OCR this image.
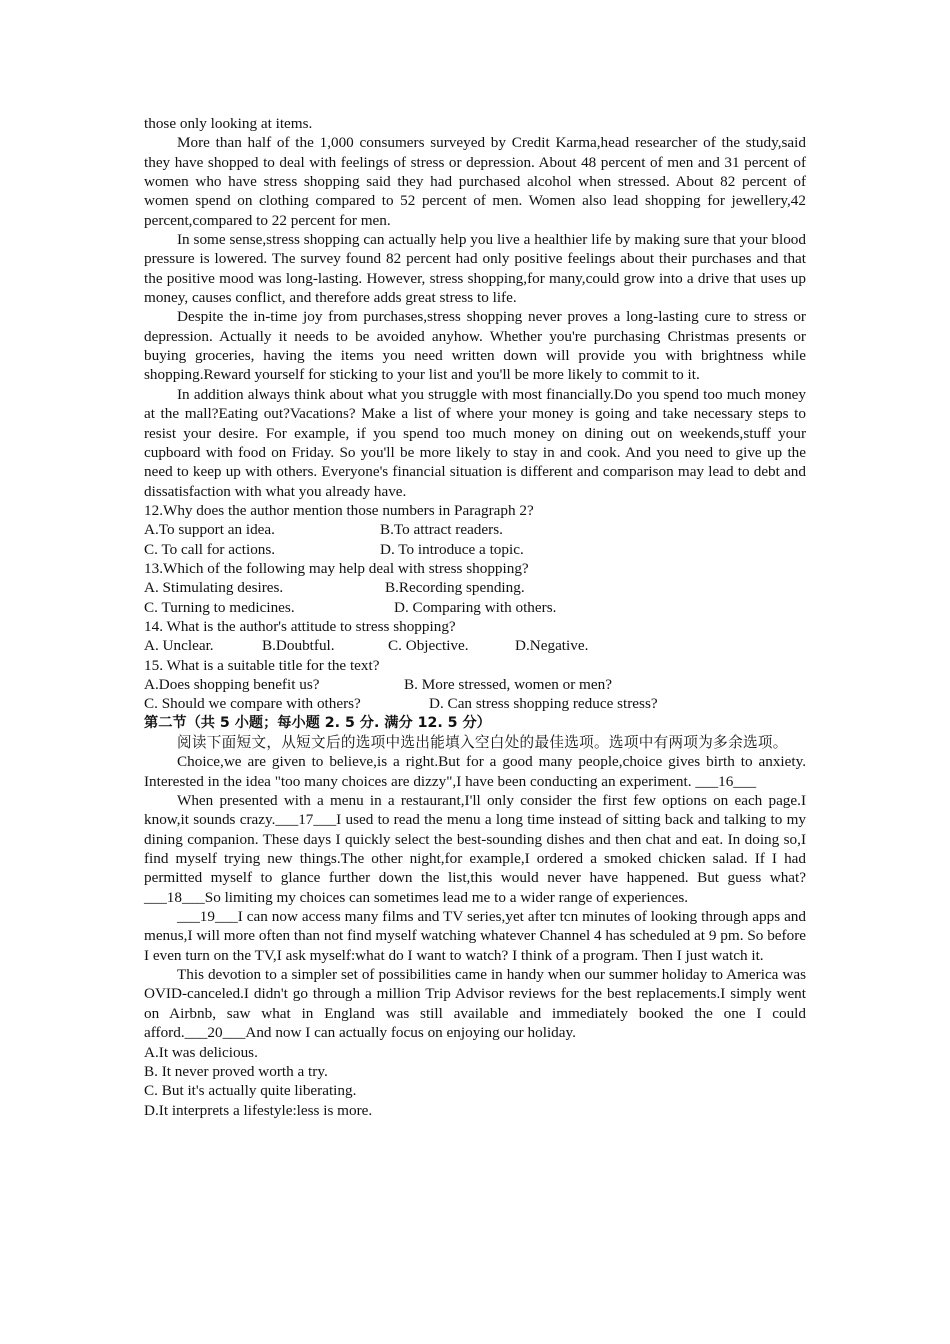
those only looking at items.

More than half of the 1,000 consumers surveyed by Credit Karma,head researcher of the study,said they have shopped to deal with feelings of stress or depression. About 48 percent of men and 31 percent of women who have stress shopping said they had purchased alcohol when stressed. About 82 percent of women spend on clothing compared to 52 percent of men. Women also lead shopping for jewellery,42 percent,compared to 22 percent for men.

In some sense,stress shopping can actually help you live a healthier life by making sure that your blood pressure is lowered. The survey found 82 percent had only positive feelings about their purchases and that the positive mood was long-lasting. However, stress shopping,for many,could grow into a drive that uses up money, causes conflict, and therefore adds great stress to life.

Despite the in-time joy from purchases,stress shopping never proves a long-lasting cure to stress or depression. Actually it needs to be avoided anyhow. Whether you're purchasing Christmas presents or buying groceries, having the items you need written down will provide you with brightness while shopping.Reward yourself for sticking to your list and you'll be more likely to commit to it.

In addition always think about what you struggle with most financially.Do you spend too much money at the mall?Eating out?Vacations? Make a list of where your money is going and take necessary steps to resist your desire. For example, if you spend too much money on dining out on weekends,stuff your cupboard with food on Friday. So you'll be more likely to stay in and cook. And you need to give up the need to keep up with others. Everyone's financial situation is different and comparison may lead to debt and dissatisfaction with what you already have.

12.Why does the author mention those numbers in Paragraph 2?

A.To support an idea.	B.To attract readers.
C. To call for actions.	D. To introduce a topic.

13.Which of the following may help deal with stress shopping?

A. Stimulating desires.	B.Recording spending.
C. Turning to medicines.	D. Comparing with others.

14. What is the author's attitude to stress shopping?

A. Unclear.	B.Doubtful.	C. Objective.	D.Negative.

15. What is a suitable title for the text?

A.Does shopping benefit us?	B. More stressed, women or men?
C. Should we compare with others?	D. Can stress shopping reduce stress?

第二节（共 5 小题；每小题 2. 5 分. 满分 12. 5 分）

阅读下面短文，从短文后的选项中选出能填入空白处的最佳选项。选项中有两项为多余选项。

Choice,we are given to believe,is a right.But for a good many people,choice gives birth to anxiety. Interested in the idea "too many choices are dizzy",I have been conducting an experiment. ___16___

When presented with a menu in a restaurant,I'll only consider the first few options on each page.I know,it sounds crazy.___17___I used to read the menu a long time instead of sitting back and talking to my dining companion. These days I quickly select the best-sounding dishes and then chat and eat. In doing so,I find myself trying new things.The other night,for example,I ordered a smoked chicken salad. If I had permitted myself to glance further down the list,this would never have happened. But guess what?___18___So limiting my choices can sometimes lead me to a wider range of experiences.

___19___I can now access many films and TV series,yet after tcn minutes of looking through apps and menus,I will more often than not find myself watching whatever Channel 4 has scheduled at 9 pm. So before I even turn on the TV,I ask myself:what do I want to watch? I think of a program. Then I just watch it.

This devotion to a simpler set of possibilities came in handy when our summer holiday to America was OVID-canceled.I didn't go through a million Trip Advisor reviews for the best replacements.I simply went on Airbnb, saw what in England was still available and immediately booked the one I could afford.___20___And now I can actually focus on enjoying our holiday.

A.It was delicious.

B. It never proved worth a try.

C. But it's actually quite liberating.

D.It interprets a lifestyle:less is more.
